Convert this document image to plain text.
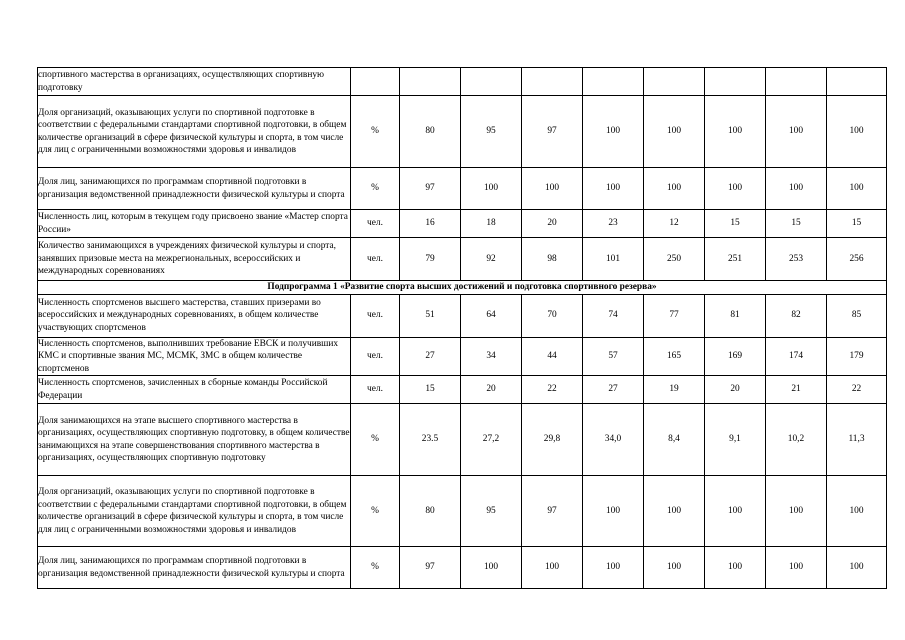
спортивного мастерства в организациях, осуществляющих спортивную подготовку									
Доля организаций, оказывающих услуги по спортивной подготовке в соответствии с федеральными стандартами спортивной подготовки, в общем количестве организаций в сфере физической культуры и спорта, в том числе для лиц с ограниченными возможностями здоровья и инвалидов	%	80	95	97	100	100	100	100	100
Доля лиц, занимающихся по программам спортивной подготовки в организация ведомственной принадлежности физической культуры и спорта	%	97	100	100	100	100	100	100	100
Численность лиц, которым в текущем году присвоено звание «Мастер спорта России»	чел.	16	18	20	23	12	15	15	15
Количество занимающихся в учреждениях физической культуры и спорта, занявших призовые места на межрегиональных, всероссийских и международных соревнованиях	чел.	79	92	98	101	250	251	253	256
Подпрограмма 1 «Развитие спорта высших достижений и подготовка спортивного резерва»									
Численность спортсменов высшего мастерства, ставших призерами во всероссийских и международных соревнованиях, в общем количестве участвующих спортсменов	чел.	51	64	70	74	77	81	82	85
Численность спортсменов, выполнивших требование ЕВСК и получивших КМС и спортивные звания МС, МСМК, ЗМС в общем количестве спортсменов	чел.	27	34	44	57	165	169	174	179
Численность спортсменов, зачисленных в сборные команды Российской Федерации	чел.	15	20	22	27	19	20	21	22
Доля занимающихся на этапе высшего спортивного мастерства в организациях, осуществляющих спортивную подготовку, в общем количестве занимающихся на этапе совершенствования спортивного мастерства в организациях, осуществляющих спортивную подготовку	%	23.5	27,2	29,8	34,0	8,4	9,1	10,2	11,3
Доля организаций, оказывающих услуги по спортивной подготовке в соответствии с федеральными стандартами спортивной подготовки, в общем количестве организаций в сфере физической культуры и спорта, в том числе для лиц с ограниченными возможностями здоровья и инвалидов	%	80	95	97	100	100	100	100	100
Доля лиц, занимающихся по программам спортивной подготовки в организация ведомственной принадлежности физической культуры и спорта	%	97	100	100	100	100	100	100	100
